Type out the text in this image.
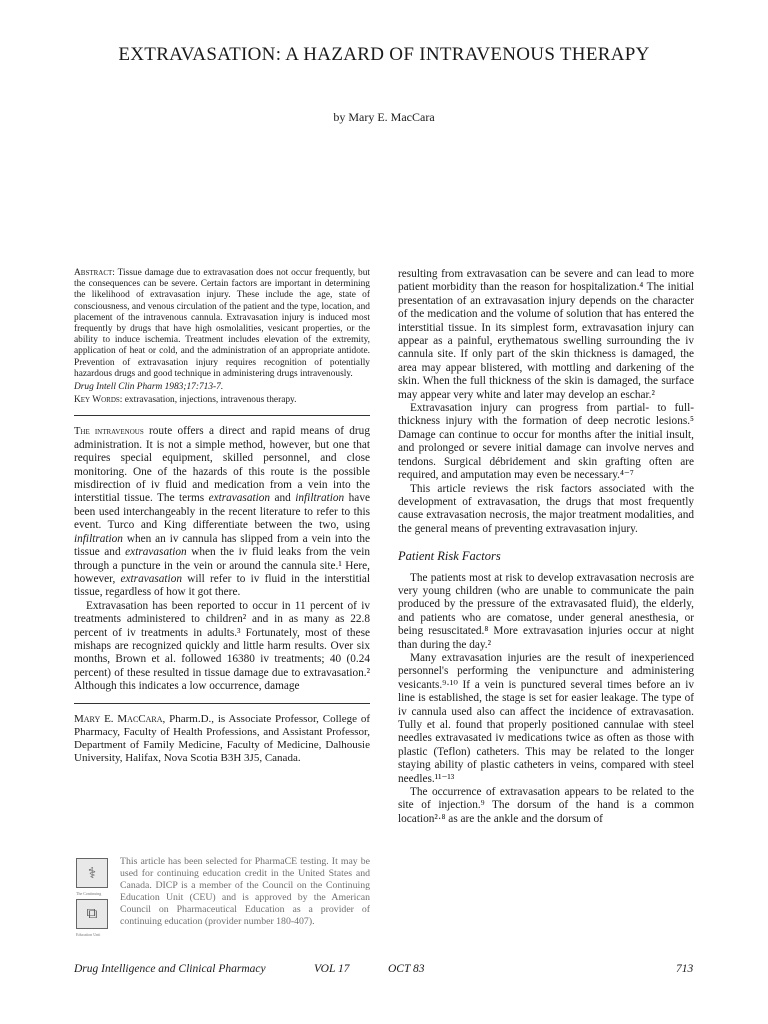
EXTRAVASATION: A HAZARD OF INTRAVENOUS THERAPY
by Mary E. MacCara

Abstract: Tissue damage due to extravasation does not occur frequently, but the consequences can be severe. Certain factors are important in determining the likelihood of extravasation injury. These include the age, state of consciousness, and venous circulation of the patient and the type, location, and placement of the intravenous cannula. Extravasation injury is induced most frequently by drugs that have high osmolalities, vesicant properties, or the ability to induce ischemia. Treatment includes elevation of the extremity, application of heat or cold, and the administration of an appropriate antidote. Prevention of extravasation injury requires recognition of potentially hazardous drugs and good technique in administering drugs intravenously.

Drug Intell Clin Pharm 1983;17:713-7.

Key Words: extravasation, injections, intravenous therapy.

The intravenous route offers a direct and rapid means of drug administration. It is not a simple method, however, but one that requires special equipment, skilled personnel, and close monitoring. One of the hazards of this route is the possible misdirection of iv fluid and medication from a vein into the interstitial tissue. The terms extravasation and infiltration have been used interchangeably in the recent literature to refer to this event. Turco and King differentiate between the two, using infiltration when an iv cannula has slipped from a vein into the tissue and extravasation when the iv fluid leaks from the vein through a puncture in the vein or around the cannula site.¹ Here, however, extravasation will refer to iv fluid in the interstitial tissue, regardless of how it got there.

Extravasation has been reported to occur in 11 percent of iv treatments administered to children² and in as many as 22.8 percent of iv treatments in adults.³ Fortunately, most of these mishaps are recognized quickly and little harm results. Over six months, Brown et al. followed 16380 iv treatments; 40 (0.24 percent) of these resulted in tissue damage due to extravasation.² Although this indicates a low occurrence, damage

Mary E. MacCara, Pharm.D., is Associate Professor, College of Pharmacy, Faculty of Health Professions, and Assistant Professor, Department of Family Medicine, Faculty of Medicine, Dalhousie University, Halifax, Nova Scotia B3H 3J5, Canada.
⚕
The Continuing
⧉
Education Unit
This article has been selected for PharmaCE testing. It may be used for continuing education credit in the United States and Canada. DICP is a member of the Council on the Continuing Education Unit (CEU) and is approved by the American Council on Pharmaceutical Education as a provider of continuing education (provider number 180-407).

resulting from extravasation can be severe and can lead to more patient morbidity than the reason for hospitalization.⁴ The initial presentation of an extravasation injury depends on the character of the medication and the volume of solution that has entered the interstitial tissue. In its simplest form, extravasation injury can appear as a painful, erythematous swelling surrounding the iv cannula site. If only part of the skin thickness is damaged, the area may appear blistered, with mottling and darkening of the skin. When the full thickness of the skin is damaged, the surface may appear very white and later may develop an eschar.²

Extravasation injury can progress from partial- to full-thickness injury with the formation of deep necrotic lesions.⁵ Damage can continue to occur for months after the initial insult, and prolonged or severe initial damage can involve nerves and tendons. Surgical débridement and skin grafting often are required, and amputation may even be necessary.⁴⁻⁷

This article reviews the risk factors associated with the development of extravasation, the drugs that most frequently cause extravasation necrosis, the major treatment modalities, and the general means of preventing extravasation injury.

Patient Risk Factors

The patients most at risk to develop extravasation necrosis are very young children (who are unable to communicate the pain produced by the pressure of the extravasated fluid), the elderly, and patients who are comatose, under general anesthesia, or being resuscitated.⁸ More extravasation injuries occur at night than during the day.²

Many extravasation injuries are the result of inexperienced personnel's performing the venipuncture and administering vesicants.⁹·¹⁰ If a vein is punctured several times before an iv line is established, the stage is set for easier leakage. The type of iv cannula used also can affect the incidence of extravasation. Tully et al. found that properly positioned cannulae with steel needles extravasated iv medications twice as often as those with plastic (Teflon) catheters. This may be related to the longer staying ability of plastic catheters in veins, compared with steel needles.¹¹⁻¹³

The occurrence of extravasation appears to be related to the site of injection.⁹ The dorsum of the hand is a common location²·⁸ as are the ankle and the dorsum of

Drug Intelligence and Clinical Pharmacy	VOL 17	OCT 83	713
